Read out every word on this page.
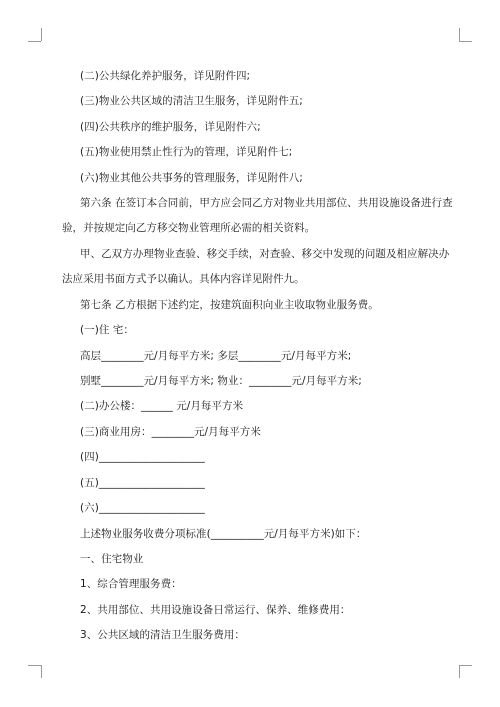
(二)公共绿化养护服务，详见附件四;
(三)物业公共区域的清洁卫生服务，详见附件五;
(四)公共秩序的维护服务，详见附件六;
(五)物业使用禁止性行为的管理，详见附件七;
(六)物业其他公共事务的管理服务，详见附件八;
第六条 在签订本合同前，甲方应会同乙方对物业共用部位、共用设施设备进行查
验，并按规定向乙方移交物业管理所必需的相关资料。
甲、乙双方办理物业查验、移交手续，对查验、移交中发现的问题及相应解决办
法应采用书面方式予以确认。具体内容详见附件九。
第七条 乙方根据下述约定，按建筑面积向业主收取物业服务费。
(一)住 宅：
高层________元/月每平方米; 多层________元/月每平方米;
别墅________元/月每平方米; 物业：________元/月每平方米;
(二)办公楼：______ 元/月每平方米
(三)商业用房：________元/月每平方米
(四)____________________
(五)____________________
(六)____________________
上述物业服务收费分项标准(__________元/月每平方米)如下：
一、住宅物业
1、综合管理服务费：
2、共用部位、共用设施设备日常运行、保养、维修费用：
3、公共区域的清洁卫生服务费用：
